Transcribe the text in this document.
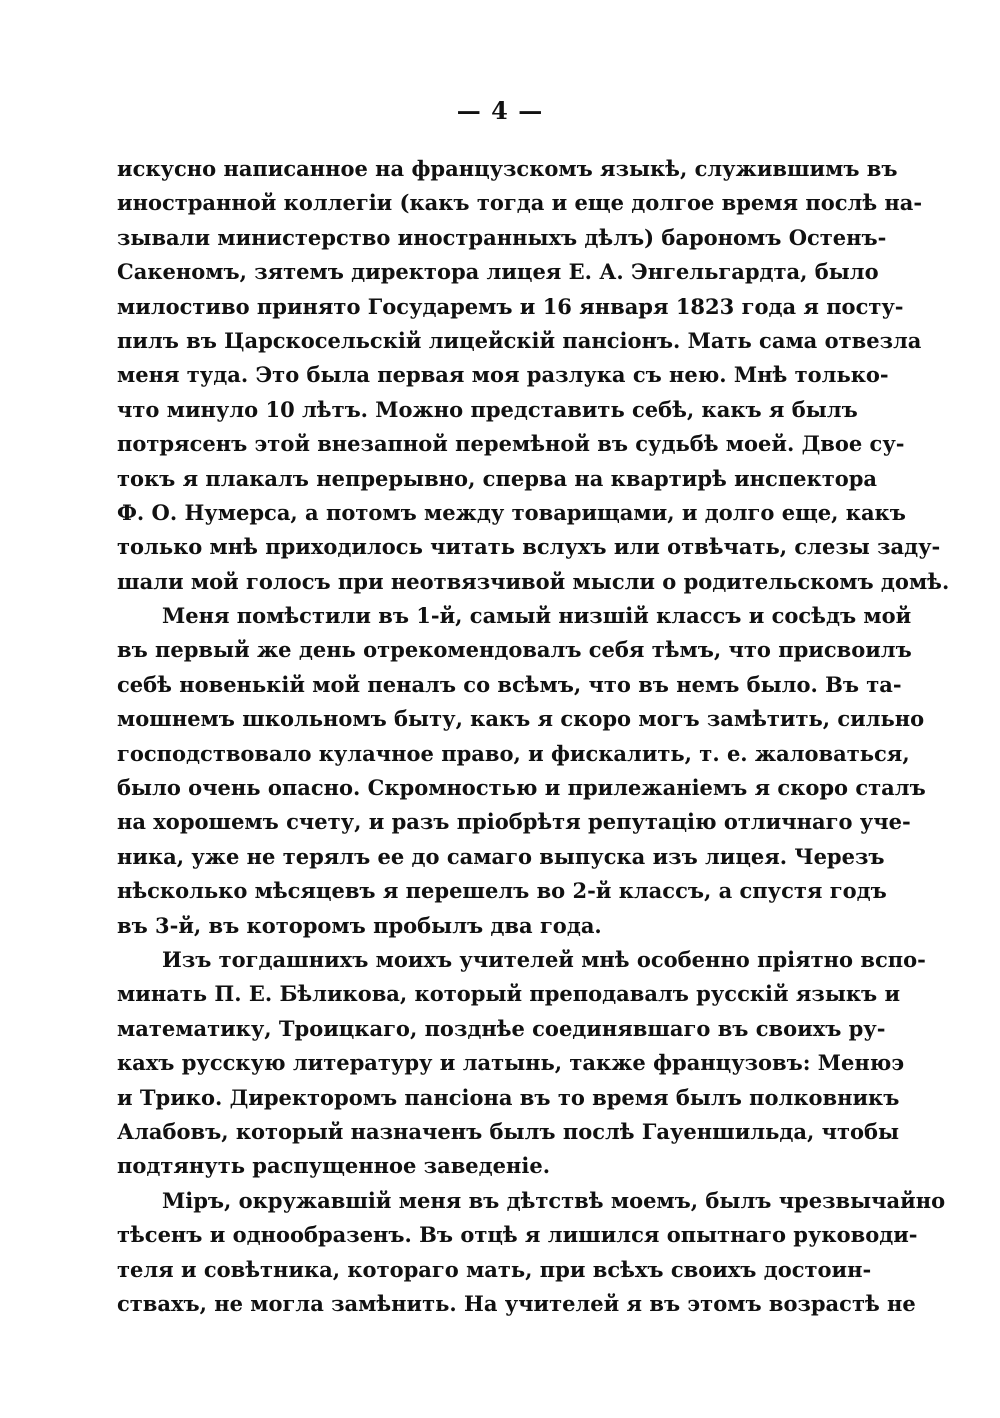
— 4 —
искусно написанное на французскомъ языкѣ, служившимъ въ
иностранной коллегіи (какъ тогда и еще долгое время послѣ на-
зывали министерство иностранныхъ дѣлъ) барономъ Остенъ-
Сакеномъ, зятемъ директора лицея Е. А. Энгельгардта, было
милостиво принято Государемъ и 16 января 1823 года я посту-
пилъ въ Царскосельскій лицейскій пансіонъ. Мать сама отвезла
меня туда. Это была первая моя разлука съ нею. Мнѣ только-
что минуло 10 лѣтъ. Можно представить себѣ, какъ я былъ
потрясенъ этой внезапной перемѣной въ судьбѣ моей. Двое су-
токъ я плакалъ непрерывно, сперва на квартирѣ инспектора
Ф. О. Нумерса, а потомъ между товарищами, и долго еще, какъ
только мнѣ приходилось читать вслухъ или отвѣчать, слезы заду-
шали мой голосъ при неотвязчивой мысли о родительскомъ домѣ.
Меня помѣстили въ 1-й, самый низшій классъ и сосѣдъ мой
въ первый же день отрекомендовалъ себя тѣмъ, что присвоилъ
себѣ новенькій мой пеналъ со всѣмъ, что въ немъ было. Въ та-
мошнемъ школьномъ быту, какъ я скоро могъ замѣтить, сильно
господствовало кулачное право, и фискалить, т. е. жаловаться,
было очень опасно. Скромностью и прилежаніемъ я скоро сталъ
на хорошемъ счету, и разъ пріобрѣтя репутацію отличнаго уче-
ника, уже не терялъ ее до самаго выпуска изъ лицея. Черезъ
нѣсколько мѣсяцевъ я перешелъ во 2-й классъ, а спустя годъ
въ 3-й, въ которомъ пробылъ два года.
Изъ тогдашнихъ моихъ учителей мнѣ особенно пріятно вспо-
минать П. Е. Бѣликова, который преподавалъ русскій языкъ и
математику, Троицкаго, позднѣе соединявшаго въ своихъ ру-
кахъ русскую литературу и латынь, также французовъ: Менюэ
и Трико. Директоромъ пансіона въ то время былъ полковникъ
Алабовъ, который назначенъ былъ послѣ Гауеншильда, чтобы
подтянуть распущенное заведеніе.
Міръ, окружавшій меня въ дѣтствѣ моемъ, былъ чрезвычайно
тѣсенъ и однообразенъ. Въ отцѣ я лишился опытнаго руководи-
теля и совѣтника, котораго мать, при всѣхъ своихъ достоин-
ствахъ, не могла замѣнить. На учителей я въ этомъ возрастѣ не
